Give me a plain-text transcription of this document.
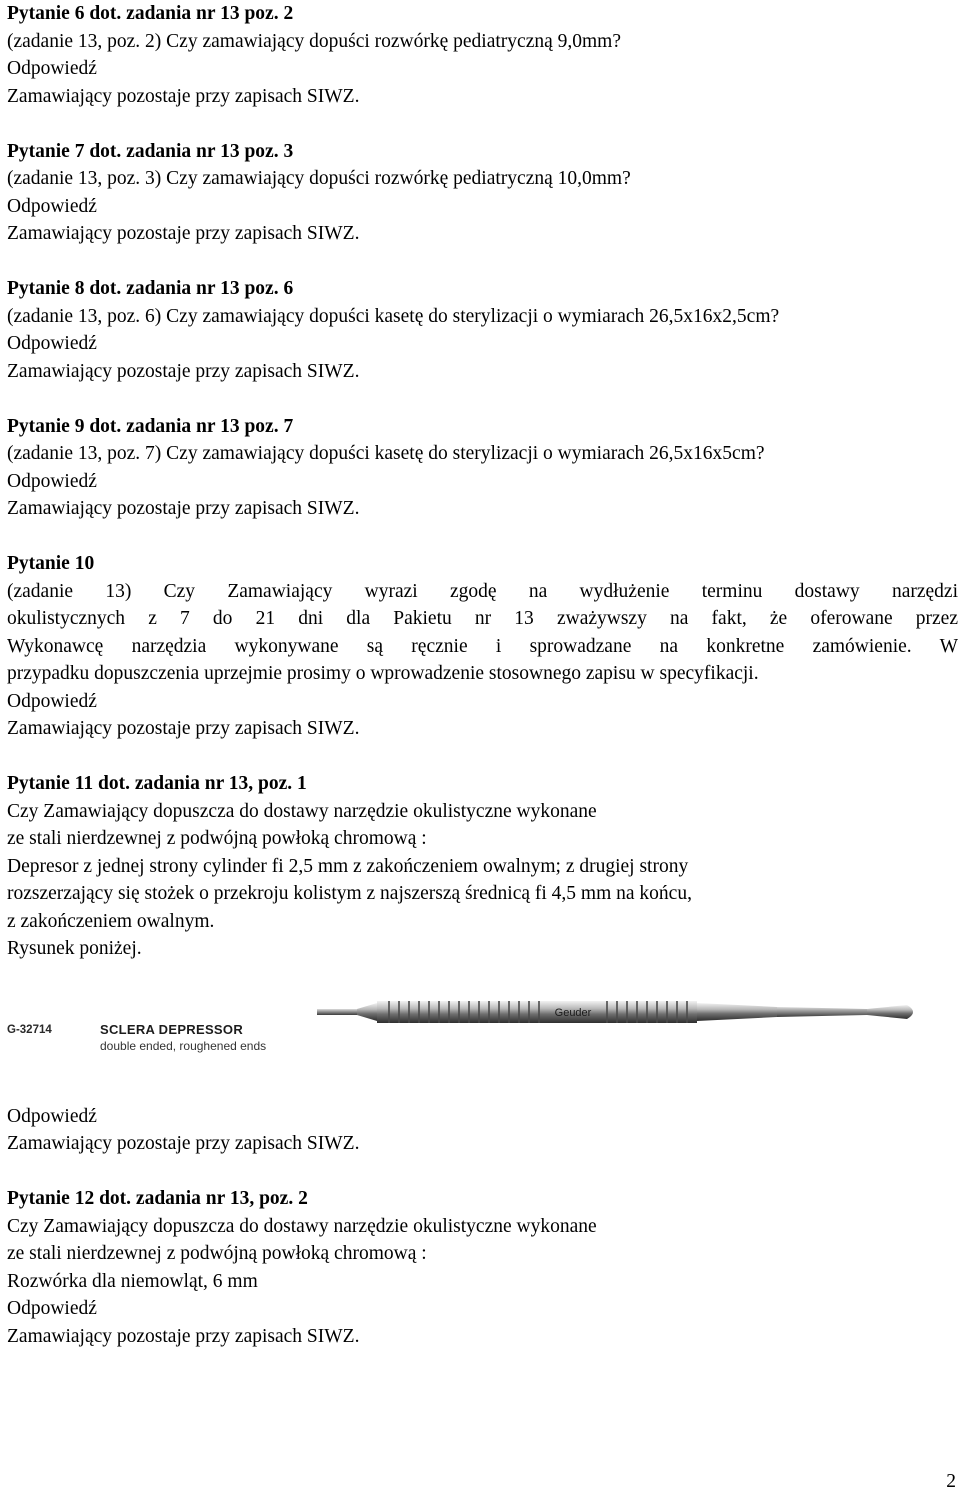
Pytanie 6 dot. zadania nr 13 poz. 2
(zadanie 13, poz. 2) Czy zamawiający dopuści rozwórkę pediatryczną 9,0mm?
Odpowiedź
Zamawiający pozostaje przy zapisach SIWZ.
Pytanie 7 dot. zadania nr 13 poz. 3
(zadanie 13, poz. 3) Czy zamawiający dopuści rozwórkę pediatryczną 10,0mm?
Odpowiedź
Zamawiający pozostaje przy zapisach SIWZ.
Pytanie 8 dot. zadania nr 13 poz. 6
(zadanie 13, poz. 6) Czy zamawiający dopuści kasetę do sterylizacji o wymiarach 26,5x16x2,5cm?
Odpowiedź
Zamawiający pozostaje przy zapisach SIWZ.
Pytanie 9 dot. zadania nr 13 poz. 7
(zadanie 13, poz. 7) Czy zamawiający dopuści kasetę do sterylizacji o wymiarach 26,5x16x5cm?
Odpowiedź
Zamawiający pozostaje przy zapisach SIWZ.
Pytanie 10
(zadanie 13) Czy Zamawiający wyrazi zgodę na wydłużenie terminu dostawy narzędzi
okulistycznych z 7 do 21 dni dla Pakietu nr 13 zważywszy na fakt, że oferowane przez
Wykonawcę narzędzia wykonywane są ręcznie i sprowadzane na konkretne zamówienie. W
przypadku dopuszczenia uprzejmie prosimy o wprowadzenie stosownego zapisu w specyfikacji.
Odpowiedź
Zamawiający pozostaje przy zapisach SIWZ.
Pytanie 11 dot. zadania nr 13, poz. 1
Czy Zamawiający dopuszcza do dostawy narzędzie okulistyczne wykonane
ze stali nierdzewnej z podwójną powłoką chromową :
Depresor z jednej strony cylinder fi 2,5 mm z zakończeniem owalnym; z drugiej strony
rozszerzający się stożek o przekroju kolistym z najszerszą średnicą fi 4,5 mm na końcu,
z zakończeniem owalnym.
Rysunek poniżej.
G-32714	SCLERA DEPRESSOR
double ended, roughened ends
Geuder
Odpowiedź
Zamawiający pozostaje przy zapisach SIWZ.
Pytanie 12 dot. zadania nr 13, poz. 2
Czy Zamawiający dopuszcza do dostawy narzędzie okulistyczne wykonane
ze stali nierdzewnej z podwójną powłoką chromową :
Rozwórka dla niemowląt, 6 mm
Odpowiedź
Zamawiający pozostaje przy zapisach SIWZ.
2
